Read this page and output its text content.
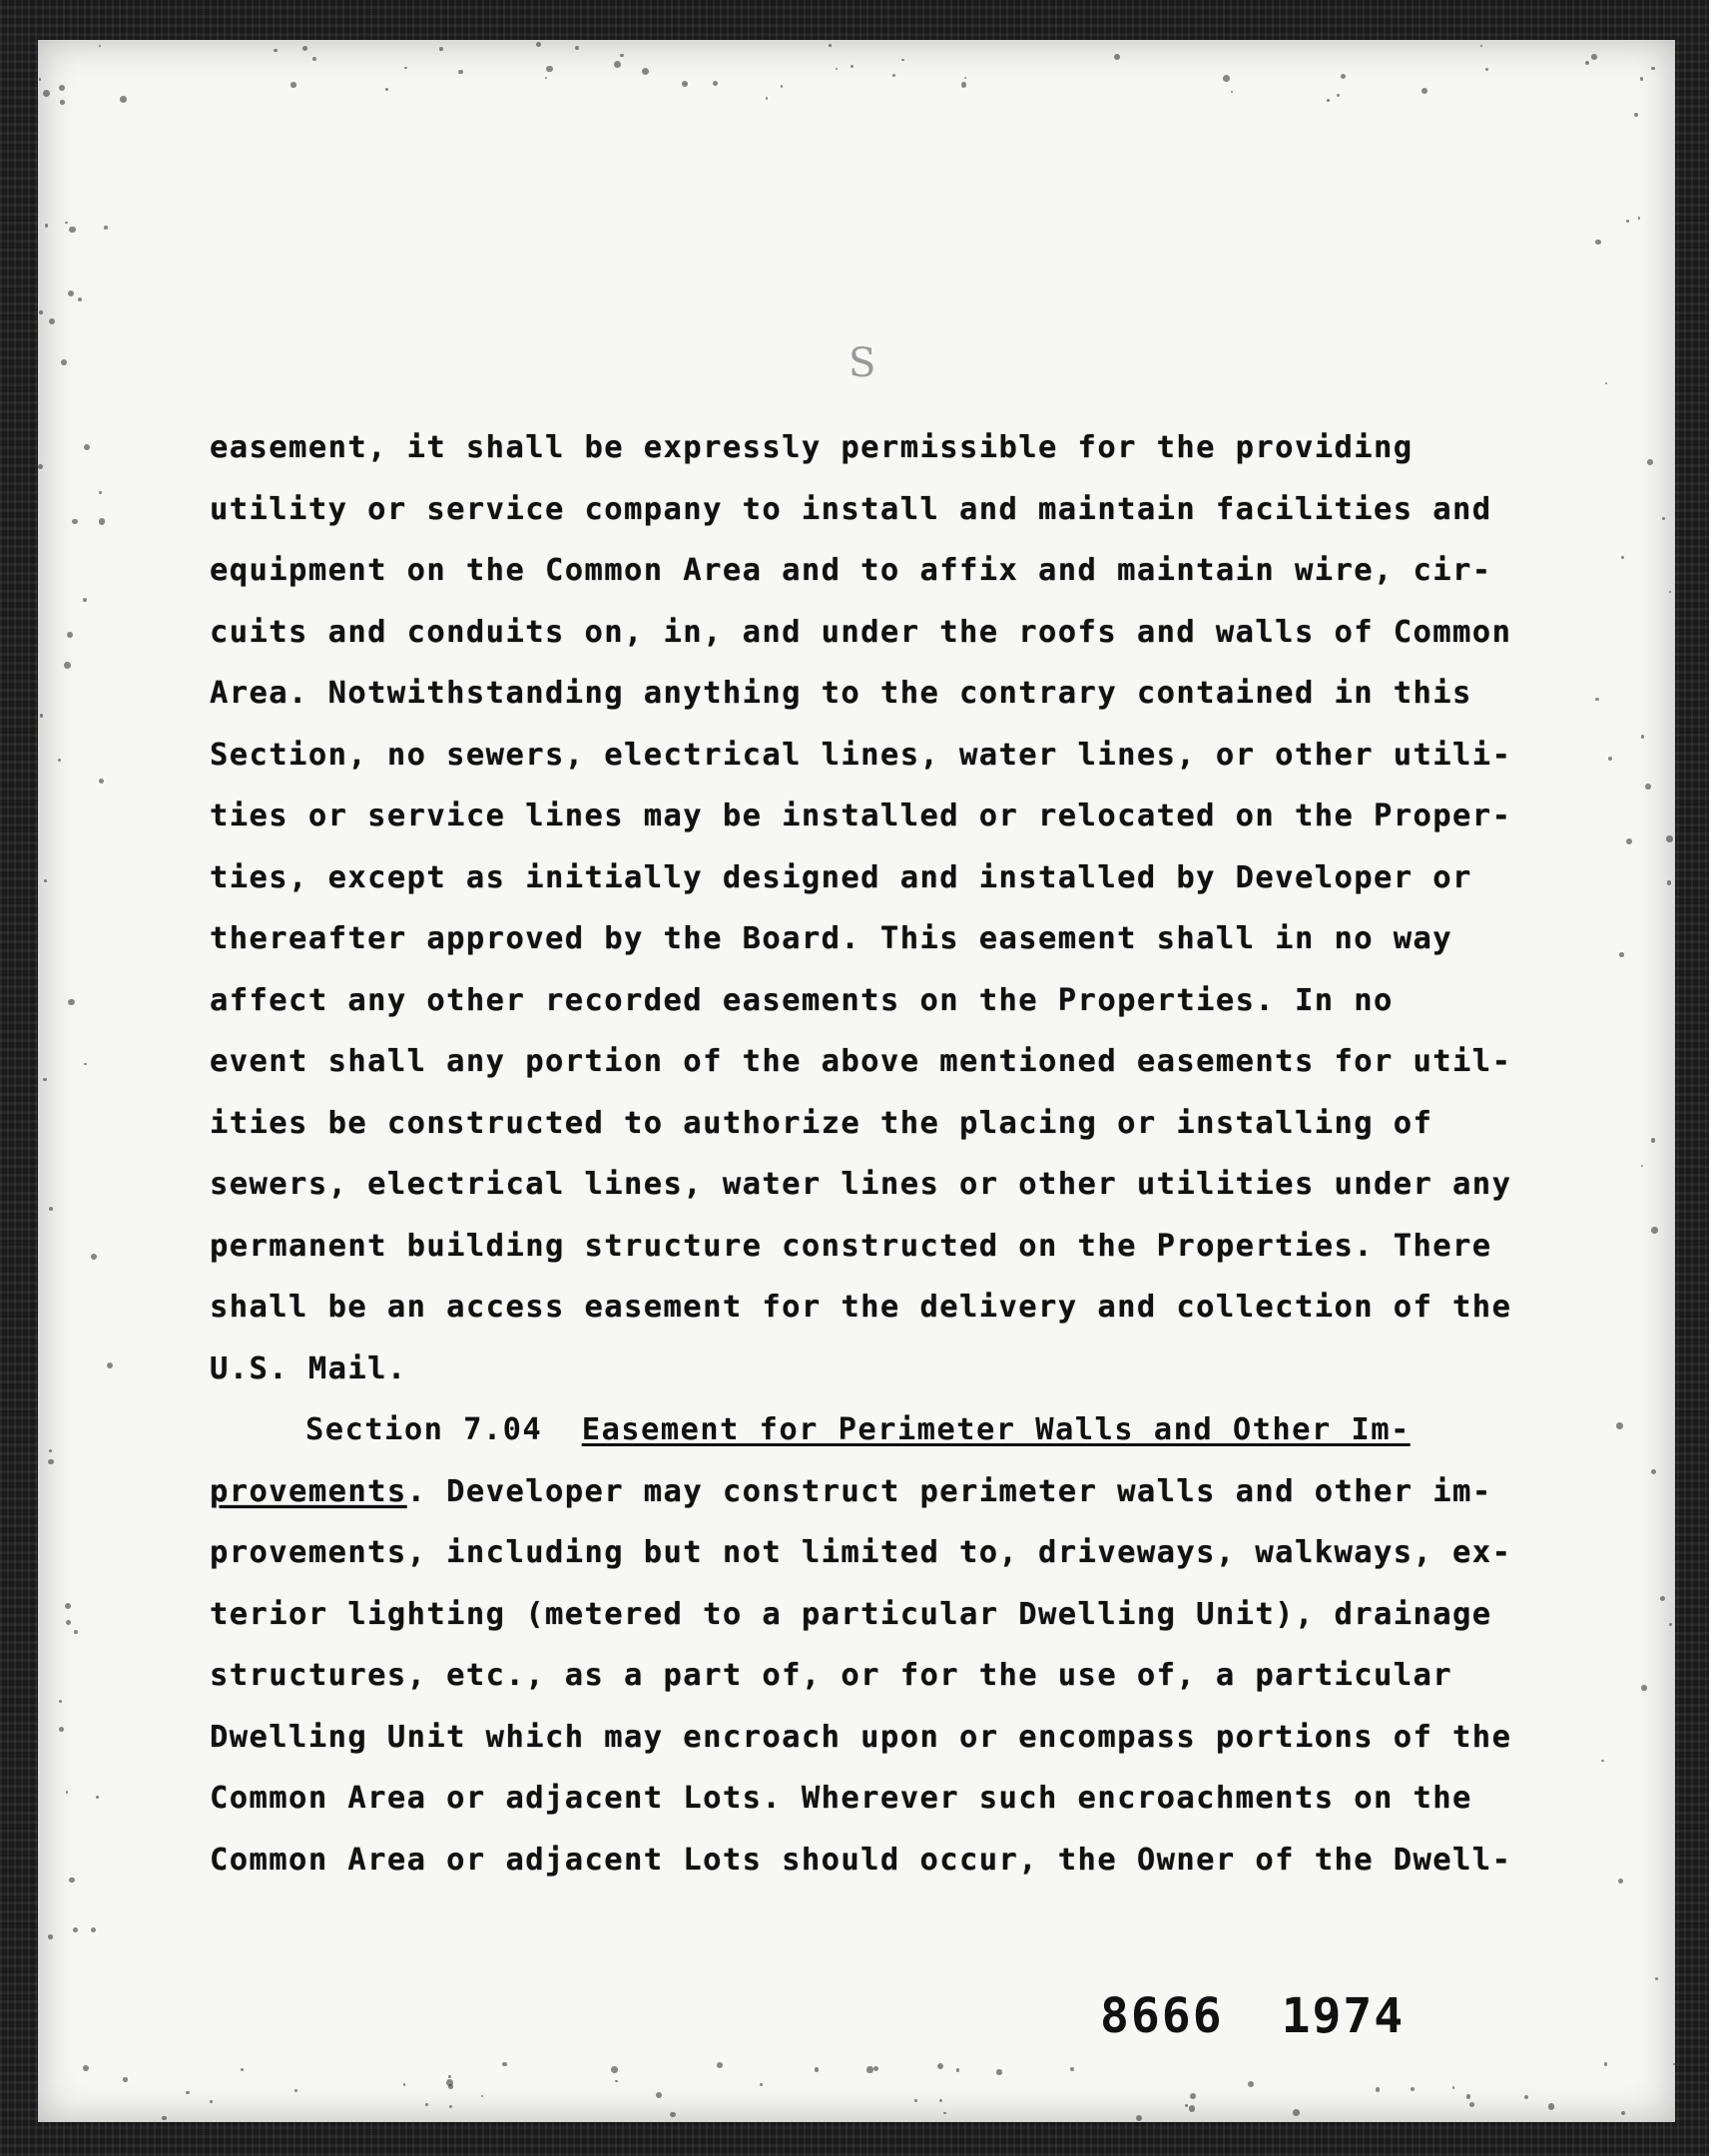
S
easement, it shall be expressly permissible for the providing
utility or service company to install and maintain facilities and
equipment on the Common Area and to affix and maintain wire, cir-
cuits and conduits on, in, and under the roofs and walls of Common
Area. Notwithstanding anything to the contrary contained in this
Section, no sewers, electrical lines, water lines, or other utili-
ties or service lines may be installed or relocated on the Proper-
ties, except as initially designed and installed by Developer or
thereafter approved by the Board. This easement shall in no way
affect any other recorded easements on the Properties. In no
event shall any portion of the above mentioned easements for util-
ities be constructed to authorize the placing or installing of
sewers, electrical lines, water lines or other utilities under any
permanent building structure constructed on the Properties. There
shall be an access easement for the delivery and collection of the
U.S. Mail.
Section 7.04 Easement for Perimeter Walls and Other Im-
provements. Developer may construct perimeter walls and other im-
provements, including but not limited to, driveways, walkways, ex-
terior lighting (metered to a particular Dwelling Unit), drainage
structures, etc., as a part of, or for the use of, a particular
Dwelling Unit which may encroach upon or encompass portions of the
Common Area or adjacent Lots. Wherever such encroachments on the
Common Area or adjacent Lots should occur, the Owner of the Dwell-
8666 1974
